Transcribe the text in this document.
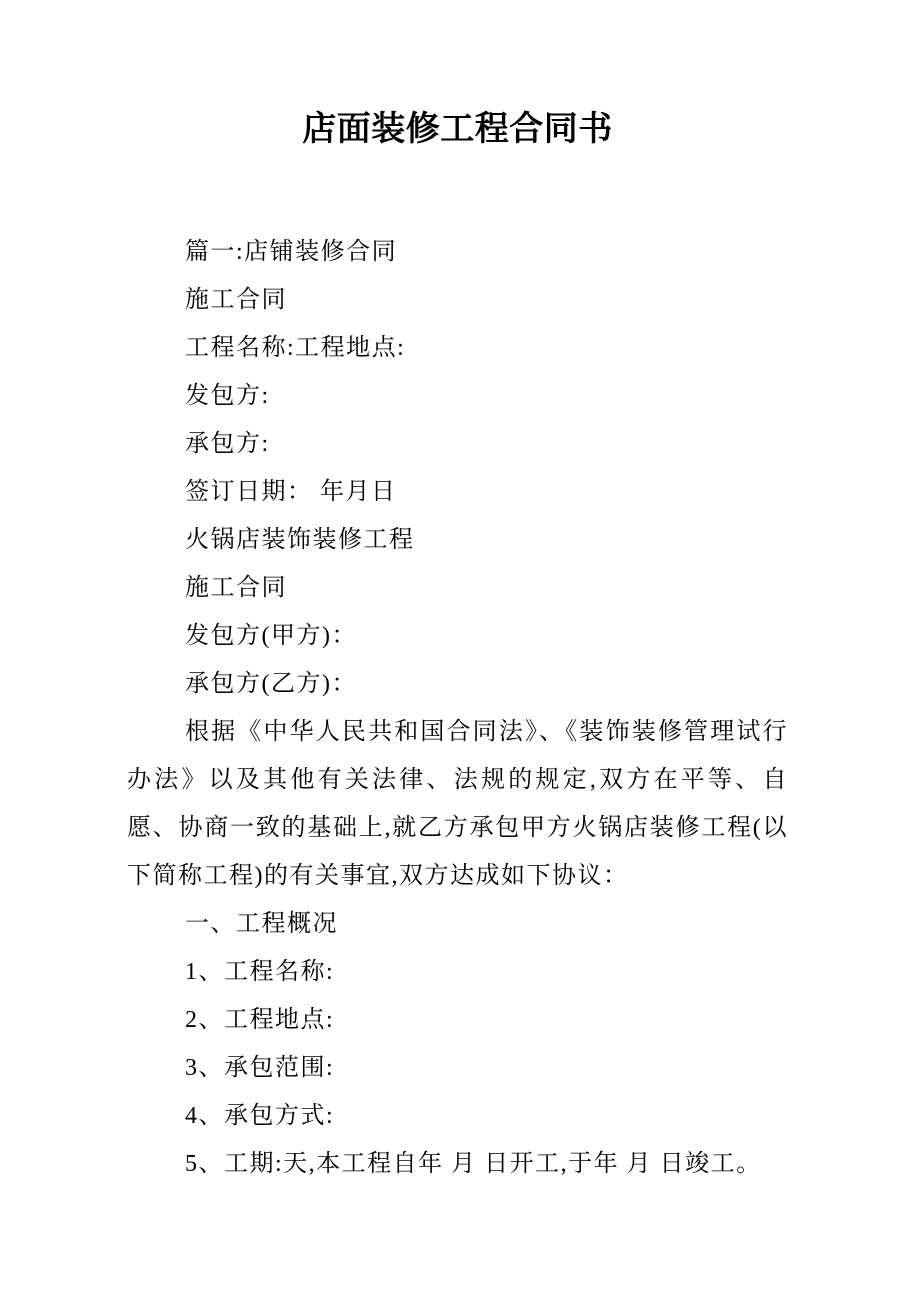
店面装修工程合同书

篇一:店铺装修合同

施工合同

工程名称:工程地点:

发包方:

承包方:

签订日期： 年月日

火锅店装饰装修工程

施工合同

发包方(甲方)：

承包方(乙方)：

根据《中华人民共和国合同法》、《装饰装修管理试行办法》以及其他有关法律、法规的规定,双方在平等、自愿、协商一致的基础上,就乙方承包甲方火锅店装修工程(以下简称工程)的有关事宜,双方达成如下协议：

一、工程概况

1、工程名称:

2、工程地点:

3、承包范围:

4、承包方式:

5、工期:天,本工程自年 月 日开工,于年 月 日竣工。
